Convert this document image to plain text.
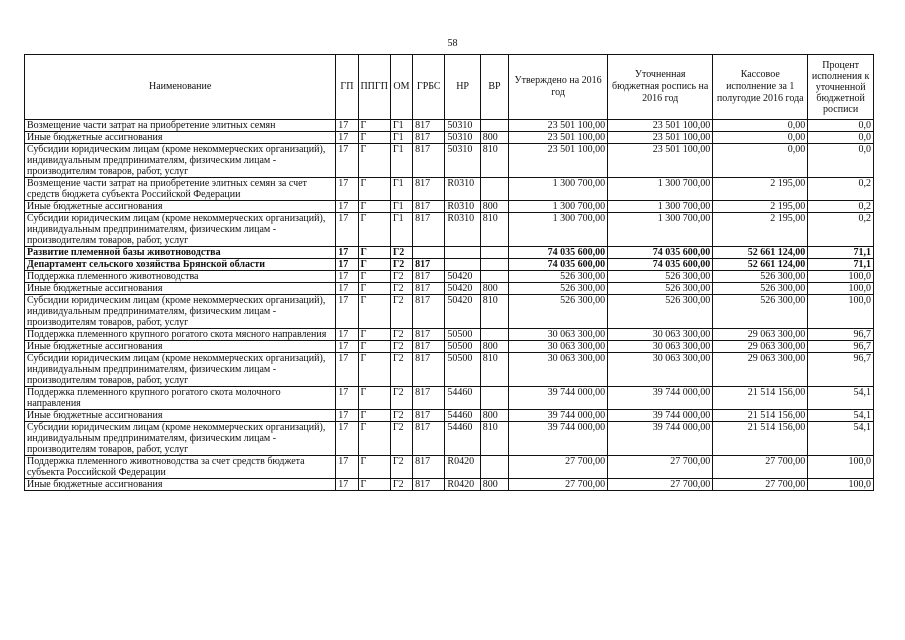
58
Наименование	ГП	ППГП	ОМ	ГРБС	НР	ВР	Утверждено на 2016 год	Уточненная бюджетная роспись на 2016 год	Кассовое исполнение за 1 полугодие 2016 года	Процент исполнения к уточненной бюджетной росписи
Возмещение части затрат на приобретение элитных семян	17	Г	Г1	817	50310		23 501 100,00	23 501 100,00	0,00	0,0
Иные бюджетные ассигнования	17	Г	Г1	817	50310	800	23 501 100,00	23 501 100,00	0,00	0,0
Субсидии юридическим лицам (кроме некоммерческих организаций), индивидуальным предпринимателям, физическим лицам - производителям товаров, работ, услуг	17	Г	Г1	817	50310	810	23 501 100,00	23 501 100,00	0,00	0,0
Возмещение части затрат на приобретение элитных семян за счет средств бюджета субъекта Российской Федерации	17	Г	Г1	817	R0310		1 300 700,00	1 300 700,00	2 195,00	0,2
Иные бюджетные ассигнования	17	Г	Г1	817	R0310	800	1 300 700,00	1 300 700,00	2 195,00	0,2
Субсидии юридическим лицам (кроме некоммерческих организаций), индивидуальным предпринимателям, физическим лицам - производителям товаров, работ, услуг	17	Г	Г1	817	R0310	810	1 300 700,00	1 300 700,00	2 195,00	0,2
Развитие племенной базы животноводства	17	Г	Г2				74 035 600,00	74 035 600,00	52 661 124,00	71,1
Департамент сельского хозяйства Брянской области	17	Г	Г2	817			74 035 600,00	74 035 600,00	52 661 124,00	71,1
Поддержка племенного животноводства	17	Г	Г2	817	50420		526 300,00	526 300,00	526 300,00	100,0
Иные бюджетные ассигнования	17	Г	Г2	817	50420	800	526 300,00	526 300,00	526 300,00	100,0
Субсидии юридическим лицам (кроме некоммерческих организаций), индивидуальным предпринимателям, физическим лицам - производителям товаров, работ, услуг	17	Г	Г2	817	50420	810	526 300,00	526 300,00	526 300,00	100,0
Поддержка племенного крупного рогатого скота мясного направления	17	Г	Г2	817	50500		30 063 300,00	30 063 300,00	29 063 300,00	96,7
Иные бюджетные ассигнования	17	Г	Г2	817	50500	800	30 063 300,00	30 063 300,00	29 063 300,00	96,7
Субсидии юридическим лицам (кроме некоммерческих организаций), индивидуальным предпринимателям, физическим лицам - производителям товаров, работ, услуг	17	Г	Г2	817	50500	810	30 063 300,00	30 063 300,00	29 063 300,00	96,7
Поддержка племенного крупного рогатого скота молочного направления	17	Г	Г2	817	54460		39 744 000,00	39 744 000,00	21 514 156,00	54,1
Иные бюджетные ассигнования	17	Г	Г2	817	54460	800	39 744 000,00	39 744 000,00	21 514 156,00	54,1
Субсидии юридическим лицам (кроме некоммерческих организаций), индивидуальным предпринимателям, физическим лицам - производителям товаров, работ, услуг	17	Г	Г2	817	54460	810	39 744 000,00	39 744 000,00	21 514 156,00	54,1
Поддержка племенного животноводства за счет средств бюджета субъекта Российской Федерации	17	Г	Г2	817	R0420		27 700,00	27 700,00	27 700,00	100,0
Иные бюджетные ассигнования	17	Г	Г2	817	R0420	800	27 700,00	27 700,00	27 700,00	100,0
